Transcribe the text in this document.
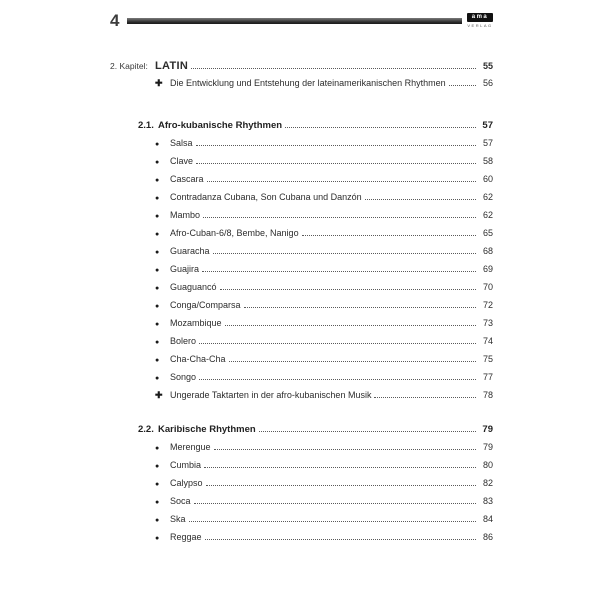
4	ama
VERLAG
2. Kapitel: LATIN	55
✚ Die Entwicklung und Entstehung der lateinamerikanischen Rhythmen	56
2.1. Afro-kubanische Rhythmen	57
●	Salsa	57
●	Clave	58
●	Cascara	60
●	Contradanza Cubana, Son Cubana und Danzón	62
●	Mambo	62
●	Afro-Cuban-6/8, Bembe, Nanigo	65
●	Guaracha	68
●	Guajira	69
●	Guaguancó	70
●	Conga/Comparsa	72
●	Mozambique	73
●	Bolero	74
●	Cha-Cha-Cha	75
●	Songo	77
✚ Ungerade Taktarten in der afro-kubanischen Musik	78
2.2. Karibische Rhythmen	79
●	Merengue	79
●	Cumbia	80
●	Calypso	82
●	Soca	83
●	Ska	84
●	Reggae	86
